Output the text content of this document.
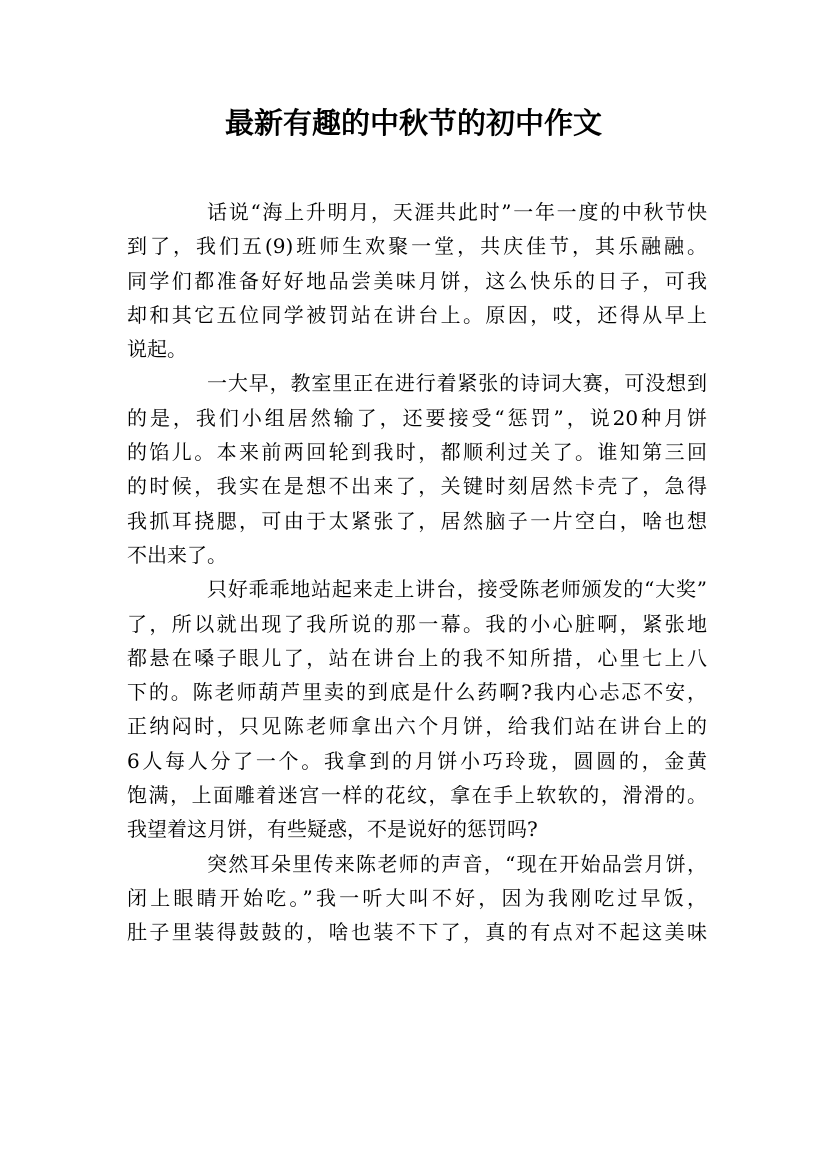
最新有趣的中秋节的初中作文

话说“海上升明月，天涯共此时”一年一度的中秋节快
到了，我们五(9)班师生欢聚一堂，共庆佳节，其乐融融。
同学们都准备好好地品尝美味月饼，这么快乐的日子，可我
却和其它五位同学被罚站在讲台上。原因，哎，还得从早上
说起。

一大早，教室里正在进行着紧张的诗词大赛，可没想到
的是，我们小组居然输了，还要接受“惩罚”，说20种月饼
的馅儿。本来前两回轮到我时，都顺利过关了。谁知第三回
的时候，我实在是想不出来了，关键时刻居然卡壳了，急得
我抓耳挠腮，可由于太紧张了，居然脑子一片空白，啥也想
不出来了。

只好乖乖地站起来走上讲台，接受陈老师颁发的“大奖”
了，所以就出现了我所说的那一幕。我的小心脏啊，紧张地
都悬在嗓子眼儿了，站在讲台上的我不知所措，心里七上八
下的。陈老师葫芦里卖的到底是什么药啊?我内心忐忑不安，
正纳闷时，只见陈老师拿出六个月饼，给我们站在讲台上的
6人每人分了一个。我拿到的月饼小巧玲珑，圆圆的，金黄
饱满，上面雕着迷宫一样的花纹，拿在手上软软的，滑滑的。
我望着这月饼，有些疑惑，不是说好的惩罚吗?

突然耳朵里传来陈老师的声音，“现在开始品尝月饼，
闭上眼睛开始吃。”我一听大叫不好，因为我刚吃过早饭，
肚子里装得鼓鼓的，啥也装不下了，真的有点对不起这美味
